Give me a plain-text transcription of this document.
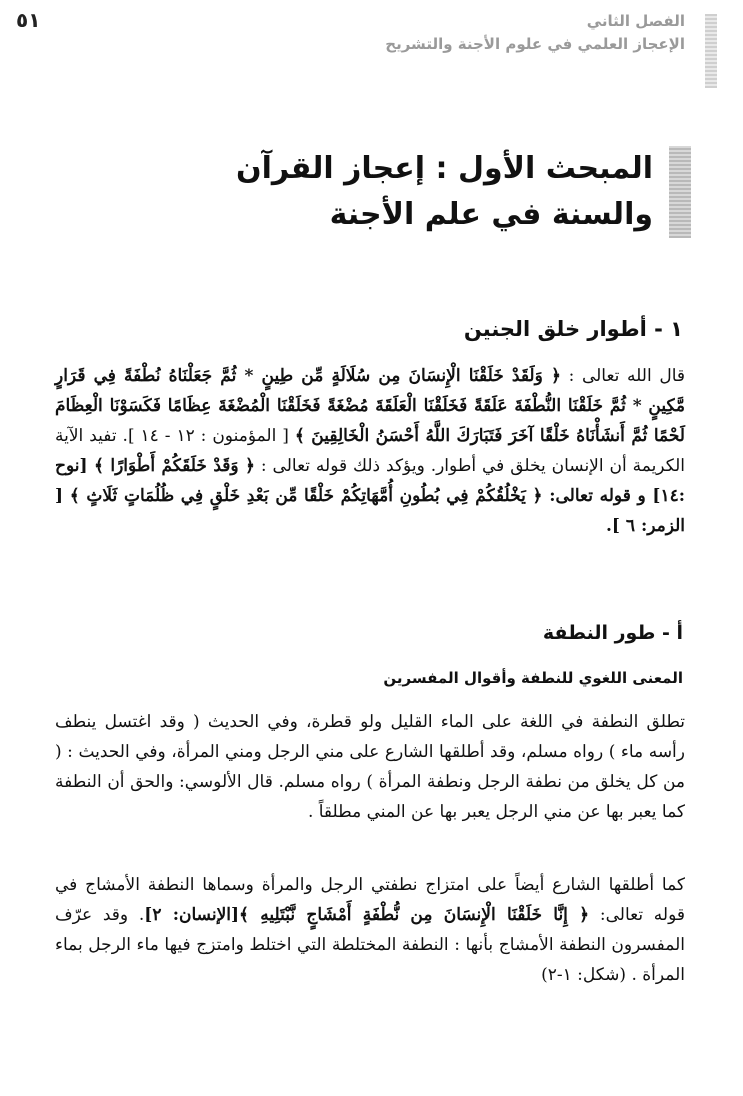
٥١	الفصل الثاني
الإعجاز العلمي في علوم الأجنة والتشريح
المبحث الأول : إعجاز القرآن
والسنة في علم الأجنة
١ - أطوار خلق الجنين

قال الله تعالى : ﴿ وَلَقَدْ خَلَقْنَا الْإِنسَانَ مِن سُلَالَةٍ مِّن طِينٍ * ثُمَّ جَعَلْنَاهُ نُطْفَةً فِي قَرَارٍ مَّكِينٍ * ثُمَّ خَلَقْنَا النُّطْفَةَ عَلَقَةً فَخَلَقْنَا الْعَلَقَةَ مُضْغَةً فَخَلَقْنَا الْمُضْغَةَ عِظَامًا فَكَسَوْنَا الْعِظَامَ لَحْمًا ثُمَّ أَنشَأْنَاهُ خَلْقًا آخَرَ فَتَبَارَكَ اللَّهُ أَحْسَنُ الْخَالِقِينَ ﴾ [ المؤمنون : ١٢ - ١٤ ]. تفيد الآية الكريمة أن الإنسان يخلق في أطوار. ويؤكد ذلك قوله تعالى : ﴿ وَقَدْ خَلَقَكُمْ أَطْوَارًا ﴾ [نوح :١٤] و قوله تعالى: ﴿ يَخْلُقُكُمْ فِي بُطُونِ أُمَّهَاتِكُمْ خَلْقًا مِّن بَعْدِ خَلْقٍ فِي ظُلُمَاتٍ ثَلَاثٍ ﴾ [ الزمر: ٦ ].

أ - طور النطفة
المعنى اللغوي للنطفة وأقوال المفسرين

تطلق النطفة في اللغة على الماء القليل ولو قطرة، وفي الحديث ( وقد اغتسل ينطف رأسه ماء ) رواه مسلم، وقد أطلقها الشارع على مني الرجل ومني المرأة، وفي الحديث : ( من كل يخلق من نطفة الرجل ونطفة المرأة ) رواه مسلم. قال الألوسي: والحق أن النطفة كما يعبر بها عن مني الرجل يعبر بها عن المني مطلقاً .

كما أطلقها الشارع أيضاً على امتزاج نطفتي الرجل والمرأة وسماها النطفة الأمشاج في قوله تعالى: ﴿ إِنَّا خَلَقْنَا الْإِنسَانَ مِن نُّطْفَةٍ أَمْشَاجٍ نَّبْتَلِيهِ ﴾[الإنسان: ٢]. وقد عرّف المفسرون النطفة الأمشاج بأنها : النطفة المختلطة التي اختلط وامتزج فيها ماء الرجل بماء المرأة . (شكل: ١-٢)
